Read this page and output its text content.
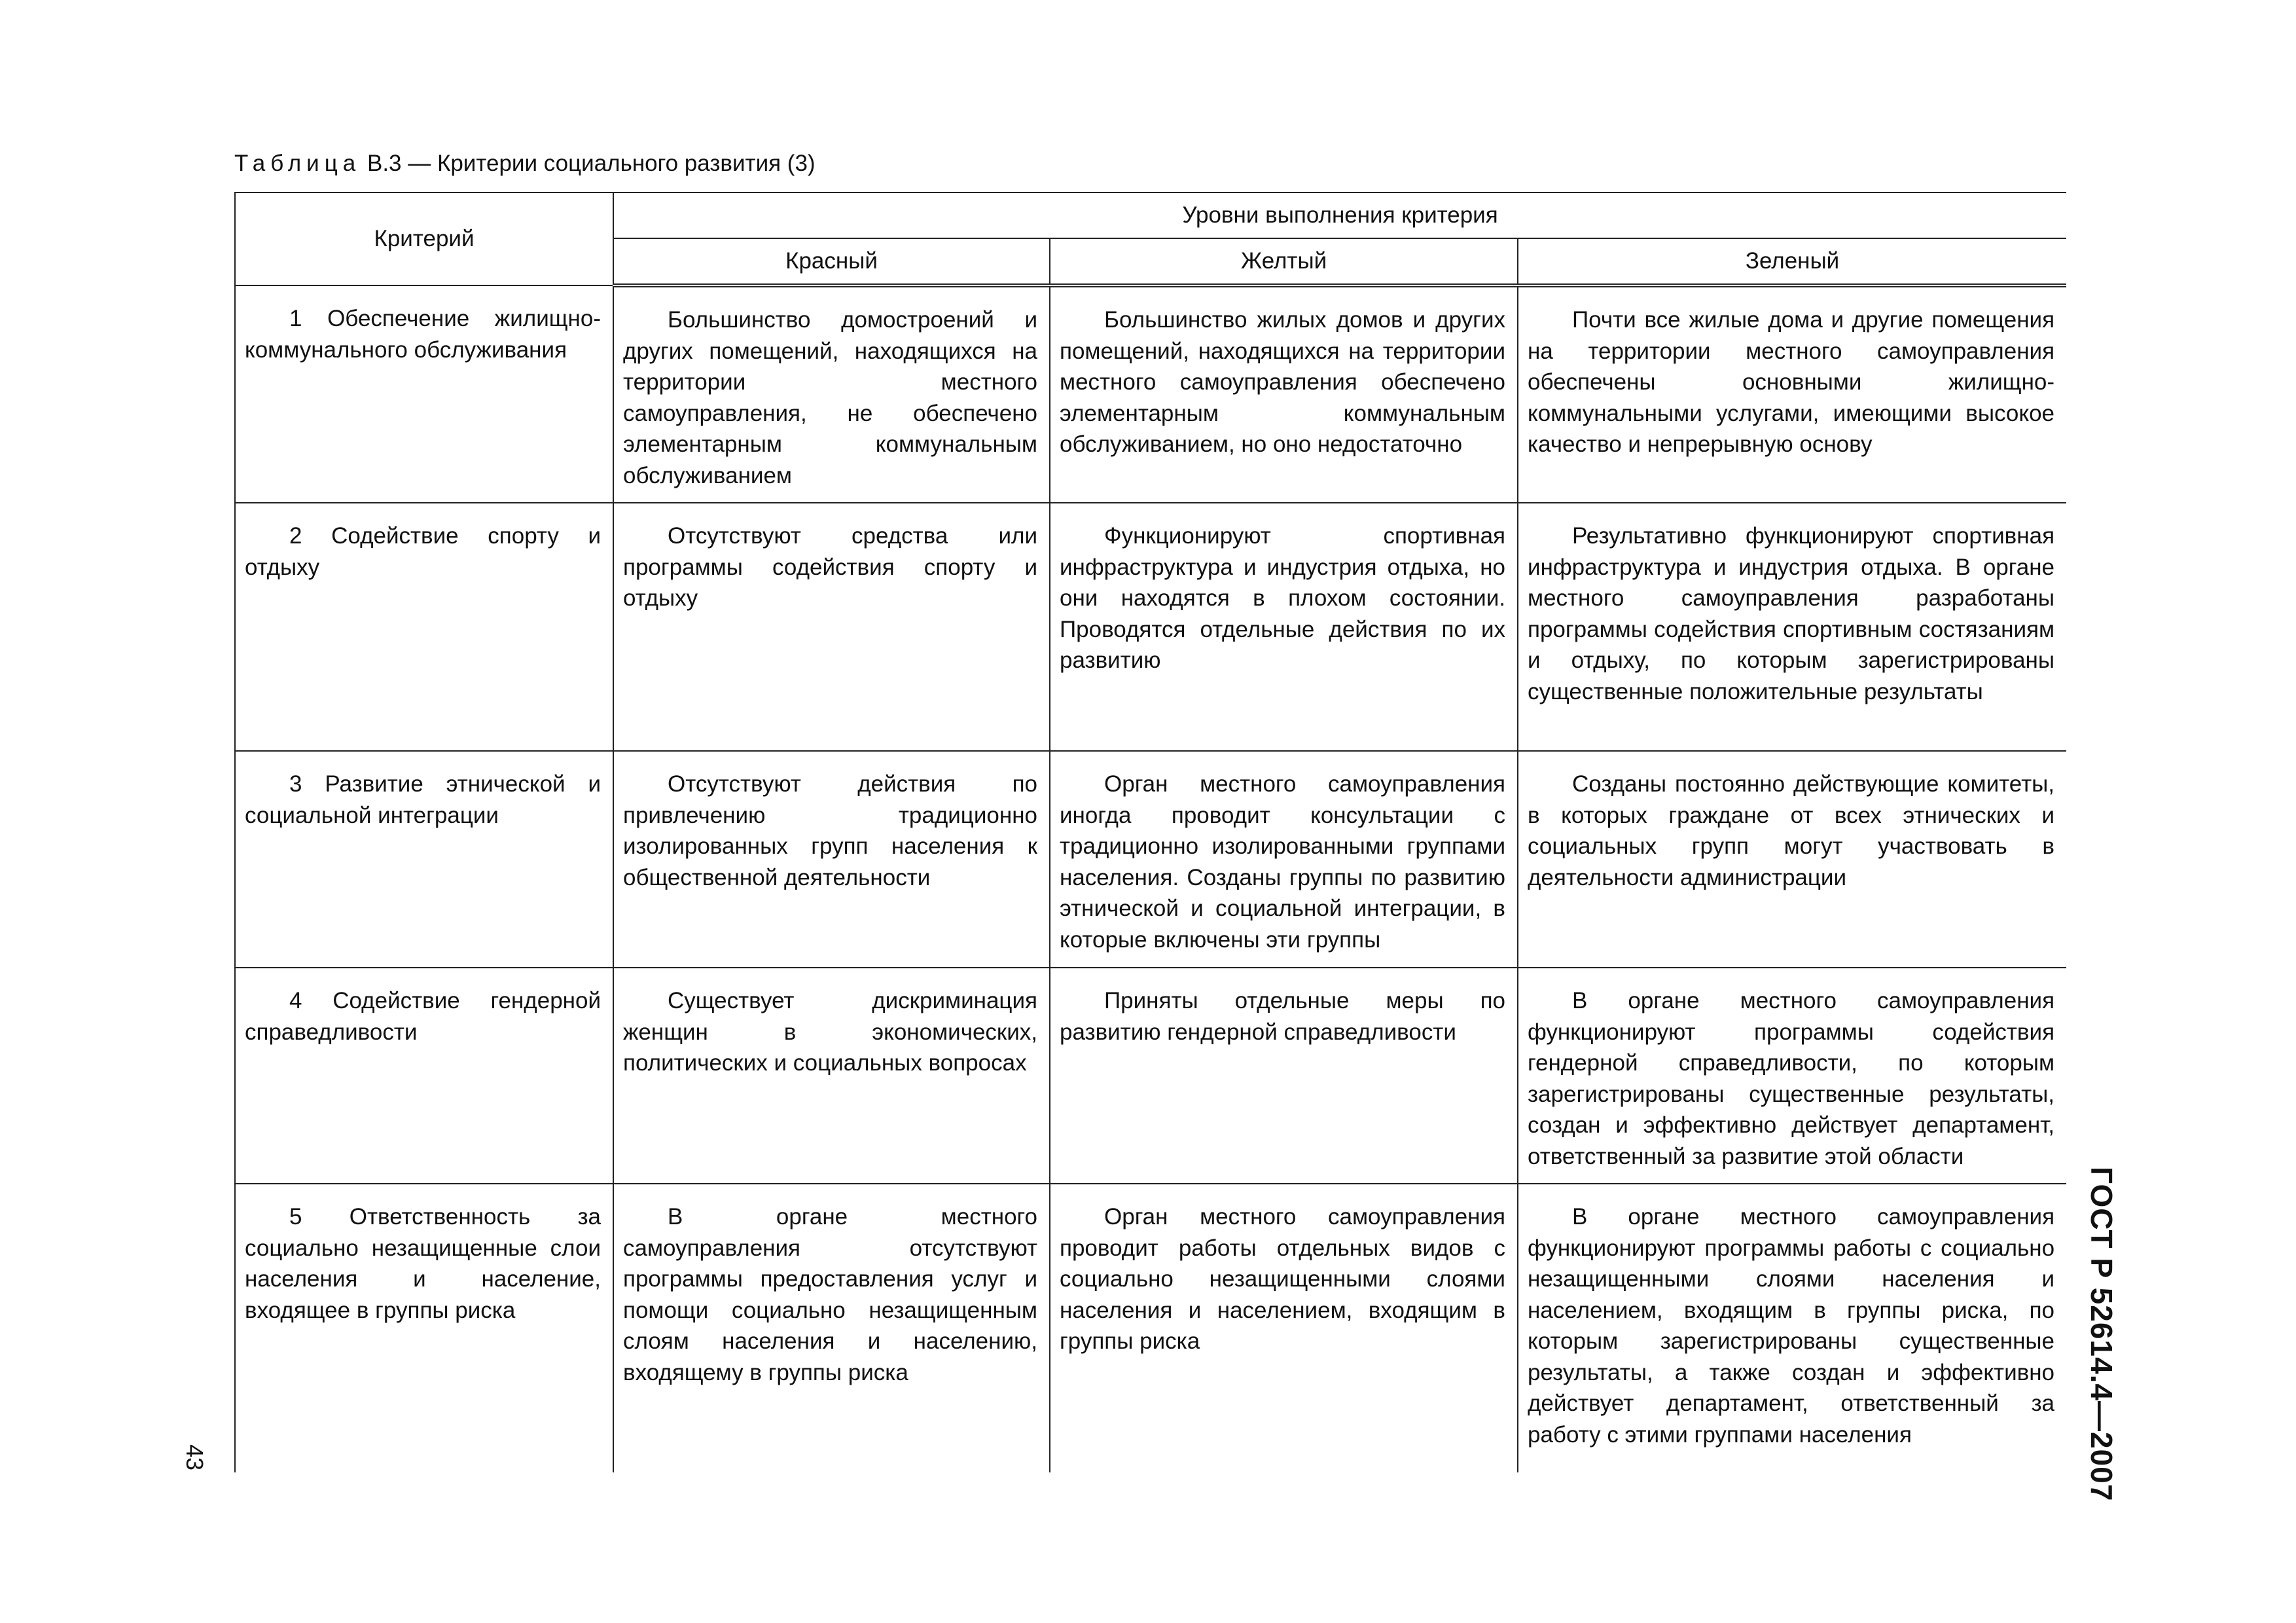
Таблица В.3 — Критерии социального развития (3)
Критерий	Уровни выполнения критерия		
	Красный	Желтый	Зеленый

1 Обеспечение жилищно-коммунального обслуживания	Большинство домостроений и других помещений, находящихся на территории местного самоуправления, не обеспечено элементарным коммунальным обслуживанием	Большинство жилых домов и других помещений, находящихся на территории местного самоуправления обеспечено элементарным коммунальным обслуживанием, но оно недостаточно	Почти все жилые дома и другие помещения на территории местного самоуправления обеспечены основными жилищно-коммунальными услугами, имеющими высокое качество и непрерывную основу

2 Содействие спорту и отдыху	Отсутствуют средства или программы содействия спорту и отдыху	Функционируют спортивная инфраструктура и индустрия отдыха, но они находятся в плохом состоянии. Проводятся отдельные действия по их развитию	Результативно функционируют спортивная инфраструктура и индустрия отдыха. В органе местного самоуправления разработаны программы содействия спортивным состязаниям и отдыху, по которым зарегистрированы существенные положительные результаты

3 Развитие этнической и социальной интеграции	Отсутствуют действия по привлечению традиционно изолированных групп населения к общественной деятельности	Орган местного самоуправления иногда проводит консультации с традиционно изолированными группами населения. Созданы группы по развитию этнической и социальной интеграции, в которые включены эти группы	Созданы постоянно действующие комитеты, в которых граждане от всех этнических и социальных групп могут участвовать в деятельности администрации

4 Содействие гендерной справедливости	Существует дискриминация женщин в экономических, политических и социальных вопросах	Приняты отдельные меры по развитию гендерной справедливости	В органе местного самоуправления функционируют программы содействия гендерной справедливости, по которым зарегистрированы существенные результаты, создан и эффективно действует департамент, ответственный за развитие этой области

5 Ответственность за социально незащищенные слои населения и население, входящее в группы риска	В органе местного самоуправления отсутствуют программы предоставления услуг и помощи социально незащищенным слоям населения и населению, входящему в группы риска	Орган местного самоуправления проводит работы отдельных видов с социально незащищенными слоями населения и населением, входящим в группы риска	В органе местного самоуправления функционируют программы работы с социально незащищенными слоями населения и населением, входящим в группы риска, по которым зарегистрированы существенные результаты, а также создан и эффективно действует департамент, ответственный за работу с этими группами населения	ГОСТ Р 52614.4—2007
43
